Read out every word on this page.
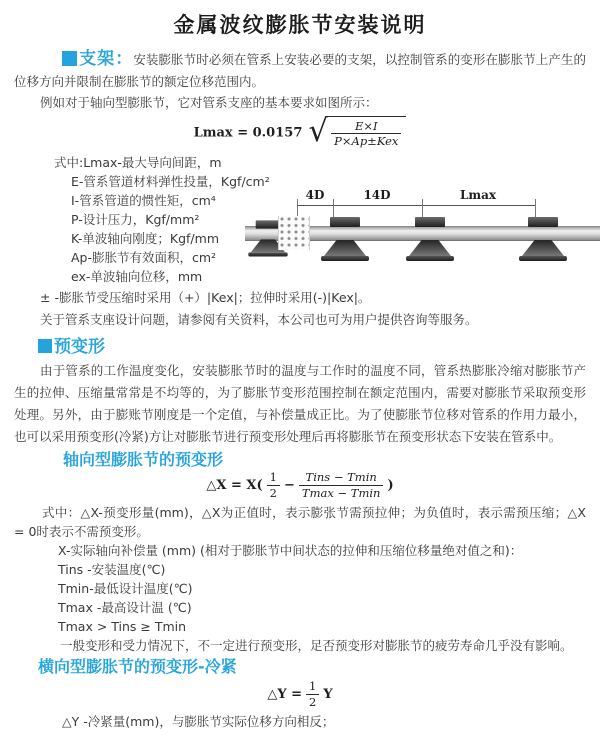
金属波纹膨胀节安装说明

支架：安装膨胀节时必须在管系上安装必要的支架，以控制管系的变形在膨胀节上产生的位移方向并限制在膨胀节的额定位移范围内。

例如对于轴向型膨胀节，它对管系支座的基本要求如图所示：

Lmax = 0.0157 √ $\frac{E\times I}{\text{P×Ap±Kex}}$
式中:Lmax-最大导向间距，m
E-管系管道材料弹性投量，Kgf/cm²
I-管系管道的惯性矩，cm⁴
P-设计压力，Kgf/mm²
K-单波轴向刚度；Kgf/mm
Ap-膨胀节有效面积，cm²
ex-单波轴向位移，mm
4D	14D	Lmax

± -膨胀节受压缩时采用（+）|Kex|；拉伸时采用(-)|Kex|。

关于管系支座设计问题，请参阅有关资料，本公司也可为用户提供咨询等服务。

预变形

由于管系的工作温度变化，安装膨胀节时的温度与工作时的温度不同，管系热膨胀冷缩对膨胀节产生的拉伸、压缩量常常是不均等的，为了膨胀节变形范围控制在额定范围内，需要对膨胀节采取预变形处理。另外，由于膨账节刚度是一个定值，与补偿量成正比。为了使膨胀节位移对管系的作用力最小，也可以采用预变形(冷紧)方让对膨胀节进行预变形处理后再将膨胀节在预变形状态下安装在管系中。

轴向型膨胀节的预变形
△X = $X( \frac{1}{2} - \frac{\text{Tins − Tmin}}{Tmax - Tmin}$ )

式中：△X-预变形量(mm)，△X为正值时，表示膨张节需预拉伸；为负值时，表示需预压缩；△X = 0时表示不需预变形。

X-实际轴向补偿量 (mm) (相对于膨胀节中间状态的拉伸和压缩位移量绝对值之和)：

Tins -安装温度(℃)

Tmin-最低设计温度(℃)

Tmax -最高设计温 (℃)

Tmax > Tins ≥ Tmin

一般变形和受力情况下，不一定进行预变形，足否预变形对膨胀节的疲劳寿命几乎没有影响。

横向型膨胀节的预变形-冷紧
△Y = $\frac{1}{2}$ Y

△Y -冷紧量(mm)，与膨胀节实际位移方向相反；
